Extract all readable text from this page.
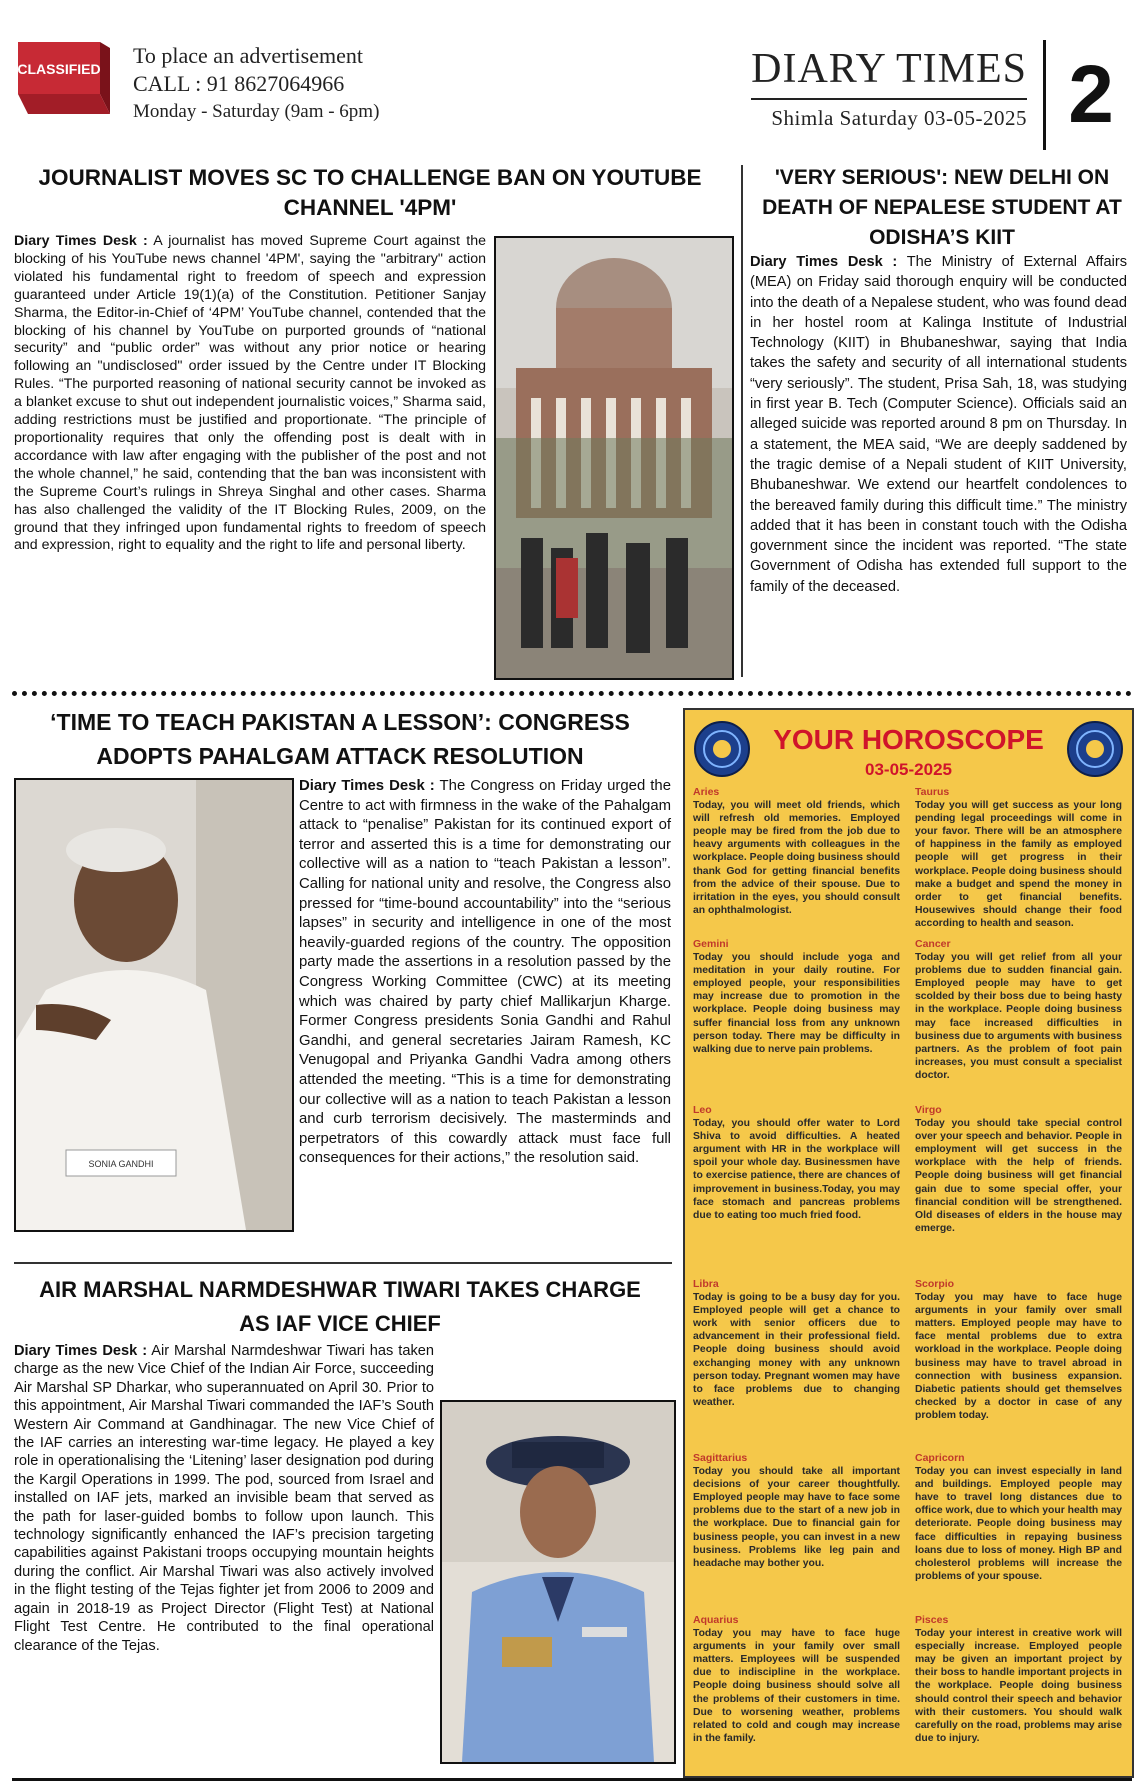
CLASSIFIED
To place an advertisement
CALL : 91 8627064966
Monday - Saturday (9am - 6pm)
DIARY TIMES
Shimla Saturday 03-05-2025 2
JOURNALIST MOVES SC TO CHALLENGE BAN ON YOUTUBE CHANNEL '4PM'
Diary Times Desk : A journalist has moved Supreme Court against the blocking of his YouTube news channel '4PM', saying the "arbitrary" action violated his fundamental right to freedom of speech and expression guaranteed under Article 19(1)(a) of the Constitution. Petitioner Sanjay Sharma, the Editor-in-Chief of ‘4PM’ YouTube channel, contended that the blocking of his channel by YouTube on purported grounds of “national security” and “public order” was without any prior notice or hearing following an "undisclosed" order issued by the Centre under IT Blocking Rules. “The purported reasoning of national security cannot be invoked as a blanket excuse to shut out independent journalistic voices,” Sharma said, adding restrictions must be justified and proportionate. “The principle of proportionality requires that only the offending post is dealt with in accordance with law after engaging with the publisher of the post and not the whole channel,” he said, contending that the ban was inconsistent with the Supreme Court’s rulings in Shreya Singhal and other cases. Sharma has also challenged the validity of the IT Blocking Rules, 2009, on the ground that they infringed upon fundamental rights to freedom of speech and expression, right to equality and the right to life and personal liberty.
'VERY SERIOUS': NEW DELHI ON DEATH OF NEPALESE STUDENT AT ODISHA’S KIIT
Diary Times Desk : The Ministry of External Affairs (MEA) on Friday said thorough enquiry will be conducted into the death of a Nepalese student, who was found dead in her hostel room at Kalinga Institute of Industrial Technology (KIIT) in Bhubaneshwar, saying that India takes the safety and security of all international students “very seriously”. The student, Prisa Sah, 18, was studying in first year B. Tech (Computer Science). Officials said an alleged suicide was reported around 8 pm on Thursday. In a statement, the MEA said, “We are deeply saddened by the tragic demise of a Nepali student of KIIT University, Bhubaneshwar. We extend our heartfelt condolences to the bereaved family during this difficult time.” The ministry added that it has been in constant touch with the Odisha government since the incident was reported. “The state Government of Odisha has extended full support to the family of the deceased.
‘TIME TO TEACH PAKISTAN A LESSON’: CONGRESS ADOPTS PAHALGAM ATTACK RESOLUTION
SONIA GANDHI
Diary Times Desk : The Congress on Friday urged the Centre to act with firmness in the wake of the Pahalgam attack to “penalise” Pakistan for its continued export of terror and asserted this is a time for demonstrating our collective will as a nation to “teach Pakistan a lesson”. Calling for national unity and resolve, the Congress also pressed for “time-bound accountability” into the “serious lapses” in security and intelligence in one of the most heavily-guarded regions of the country. The opposition party made the assertions in a resolution passed by the Congress Working Committee (CWC) at its meeting which was chaired by party chief Mallikarjun Kharge. Former Congress presidents Sonia Gandhi and Rahul Gandhi, and general secretaries Jairam Ramesh, KC Venugopal and Priyanka Gandhi Vadra among others attended the meeting. “This is a time for demonstrating our collective will as a nation to teach Pakistan a lesson and curb terrorism decisively. The masterminds and perpetrators of this cowardly attack must face full consequences for their actions,” the resolution said.
AIR MARSHAL NARMDESHWAR TIWARI TAKES CHARGE AS IAF VICE CHIEF
Diary Times Desk : Air Marshal Narmdeshwar Tiwari has taken charge as the new Vice Chief of the Indian Air Force, succeeding Air Marshal SP Dharkar, who superannuated on April 30. Prior to this appointment, Air Marshal Tiwari commanded the IAF’s South Western Air Command at Gandhinagar. The new Vice Chief of the IAF carries an interesting war-time legacy. He played a key role in operationalising the ‘Litening’ laser designation pod during the Kargil Operations in 1999. The pod, sourced from Israel and installed on IAF jets, marked an invisible beam that served as the path for laser-guided bombs to follow upon launch. This technology significantly enhanced the IAF’s precision targeting capabilities against Pakistani troops occupying mountain heights during the conflict. Air Marshal Tiwari was also actively involved in the flight testing of the Tejas fighter jet from 2006 to 2009 and again in 2018-19 as Project Director (Flight Test) at National Flight Test Centre. He contributed to the final operational clearance of the Tejas.
YOUR HOROSCOPE
03-05-2025
Aries
Today, you will meet old friends, which will refresh old memories. Employed people may be fired from the job due to heavy arguments with colleagues in the workplace. People doing business should thank God for getting financial benefits from the advice of their spouse. Due to irritation in the eyes, you should consult an ophthalmologist.
Taurus
Today you will get success as your long pending legal proceedings will come in your favor. There will be an atmosphere of happiness in the family as employed people will get progress in their workplace. People doing business should make a budget and spend the money in order to get financial benefits. Housewives should change their food according to health and season.
Gemini
Today you should include yoga and meditation in your daily routine. For employed people, your responsibilities may increase due to promotion in the workplace. People doing business may suffer financial loss from any unknown person today. There may be difficulty in walking due to nerve pain problems.
Cancer
Today you will get relief from all your problems due to sudden financial gain. Employed people may have to get scolded by their boss due to being hasty in the workplace. People doing business may face increased difficulties in business due to arguments with business partners. As the problem of foot pain increases, you must consult a specialist doctor.
Leo
Today, you should offer water to Lord Shiva to avoid difficulties. A heated argument with HR in the workplace will spoil your whole day. Businessmen have to exercise patience, there are chances of improvement in business.Today, you may face stomach and pancreas problems due to eating too much fried food.
Virgo
Today you should take special control over your speech and behavior. People in employment will get success in the workplace with the help of friends. People doing business will get financial gain due to some special offer, your financial condition will be strengthened. Old diseases of elders in the house may emerge.
Libra
Today is going to be a busy day for you. Employed people will get a chance to work with senior officers due to advancement in their professional field. People doing business should avoid exchanging money with any unknown person today. Pregnant women may have to face problems due to changing weather.
Scorpio
Today you may have to face huge arguments in your family over small matters. Employed people may have to face mental problems due to extra workload in the workplace. People doing business may have to travel abroad in connection with business expansion. Diabetic patients should get themselves checked by a doctor in case of any problem today.
Sagittarius
Today you should take all important decisions of your career thoughtfully. Employed people may have to face some problems due to the start of a new job in the workplace. Due to financial gain for business people, you can invest in a new business. Problems like leg pain and headache may bother you.
Capricorn
Today you can invest especially in land and buildings. Employed people may have to travel long distances due to office work, due to which your health may deteriorate. People doing business may face difficulties in repaying business loans due to loss of money. High BP and cholesterol problems will increase the problems of your spouse.
Aquarius
Today you may have to face huge arguments in your family over small matters. Employees will be suspended due to indiscipline in the workplace. People doing business should solve all the problems of their customers in time. Due to worsening weather, problems related to cold and cough may increase in the family.
Pisces
Today your interest in creative work will especially increase. Employed people may be given an important project by their boss to handle important projects in the workplace. People doing business should control their speech and behavior with their customers. You should walk carefully on the road, problems may arise due to injury.
